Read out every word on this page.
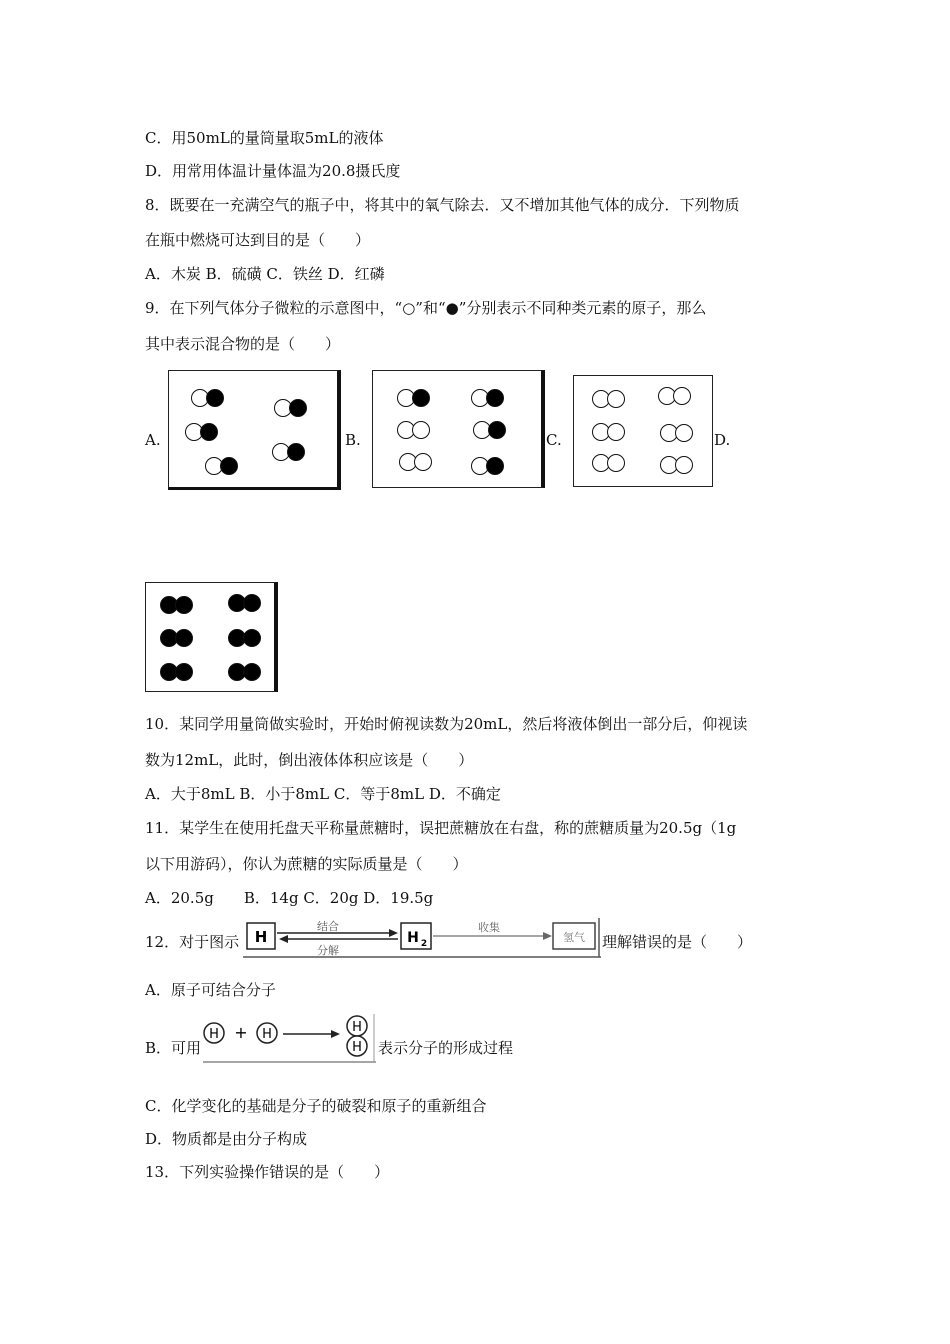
C．用50mL的量筒量取5mL的液体
D．用常用体温计量体温为20.8摄氏度
8．既要在一充满空气的瓶子中，将其中的氧气除去．又不增加其他气体的成分．下列物质
在瓶中燃烧可达到目的是（　　）
A．木炭 B．硫磺 C．铁丝 D．红磷
9．在下列气体分子微粒的示意图中，“○”和“●”分别表示不同种类元素的原子，那么
其中表示混合物的是（　　）
A.	B.	C.	D.
10．某同学用量筒做实验时，开始时俯视读数为20mL，然后将液体倒出一部分后，仰视读
数为12mL，此时，倒出液体体积应该是（　　）
A．大于8mL B．小于8mL C．等于8mL D．不确定
11．某学生在使用托盘天平称量蔗糖时，误把蔗糖放在右盘，称的蔗糖质量为20.5g（1g
以下用游码），你认为蔗糖的实际质量是（　　）
A．20.5g　　B．14g C．20g D．19.5g
12．对于图示 H
结合
分解
H 2
收集
氢气 理解错误的是（　　）
A．原子可结合分子
B．可用
H + H	H
H 表示分子的形成过程
C．化学变化的基础是分子的破裂和原子的重新组合
D．物质都是由分子构成
13．下列实验操作错误的是（　　）
